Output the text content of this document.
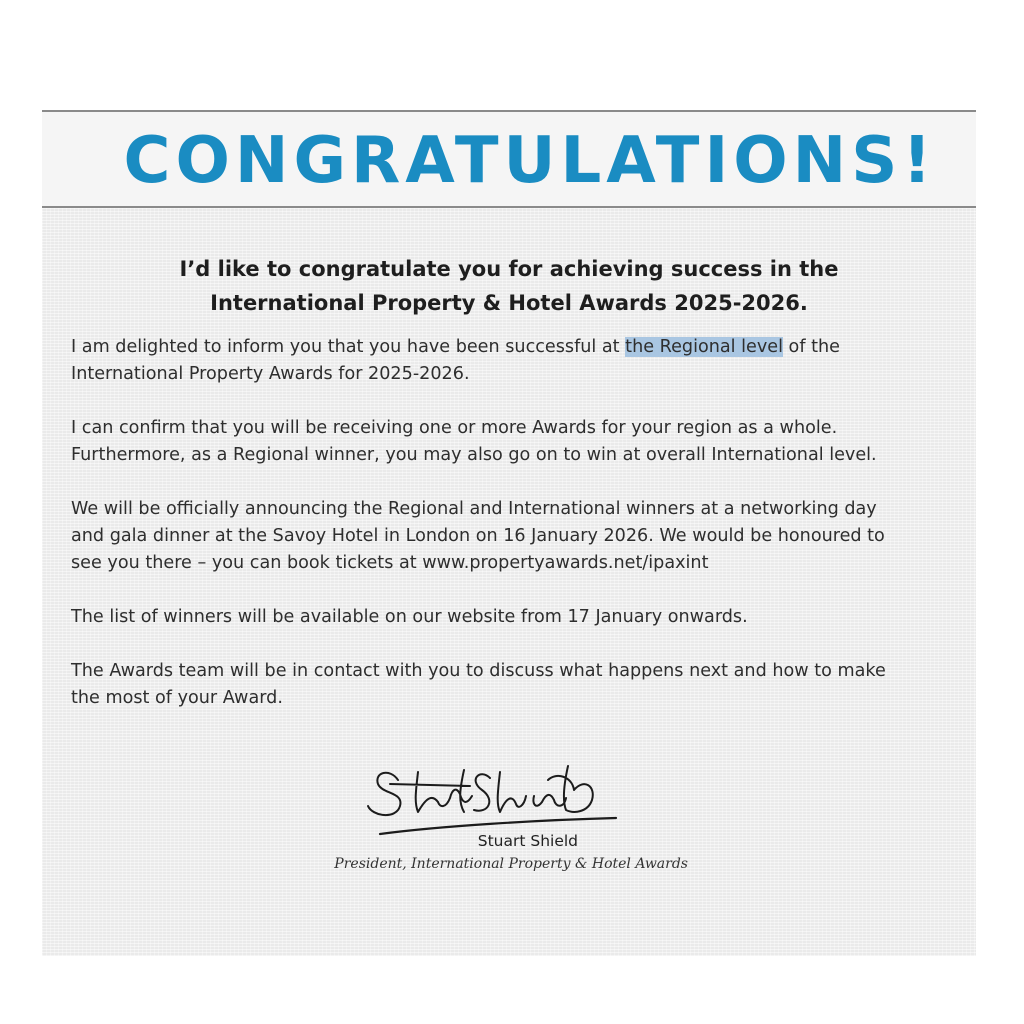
CONGRATULATIONS!
I’d like to congratulate you for achieving success in the
International Property & Hotel Awards 2025-2026.

I am delighted to inform you that you have been successful at the Regional level of the
International Property Awards for 2025-2026.

I can confirm that you will be receiving one or more Awards for your region as a whole.
Furthermore, as a Regional winner, you may also go on to win at overall International level.

We will be officially announcing the Regional and International winners at a networking day
and gala dinner at the Savoy Hotel in London on 16 January 2026. We would be honoured to
see you there – you can book tickets at www.propertyawards.net/ipaxint

The list of winners will be available on our website from 17 January onwards.

The Awards team will be in contact with you to discuss what happens next and how to make
the most of your Award.

Stuart Shield
President, International Property & Hotel Awards
